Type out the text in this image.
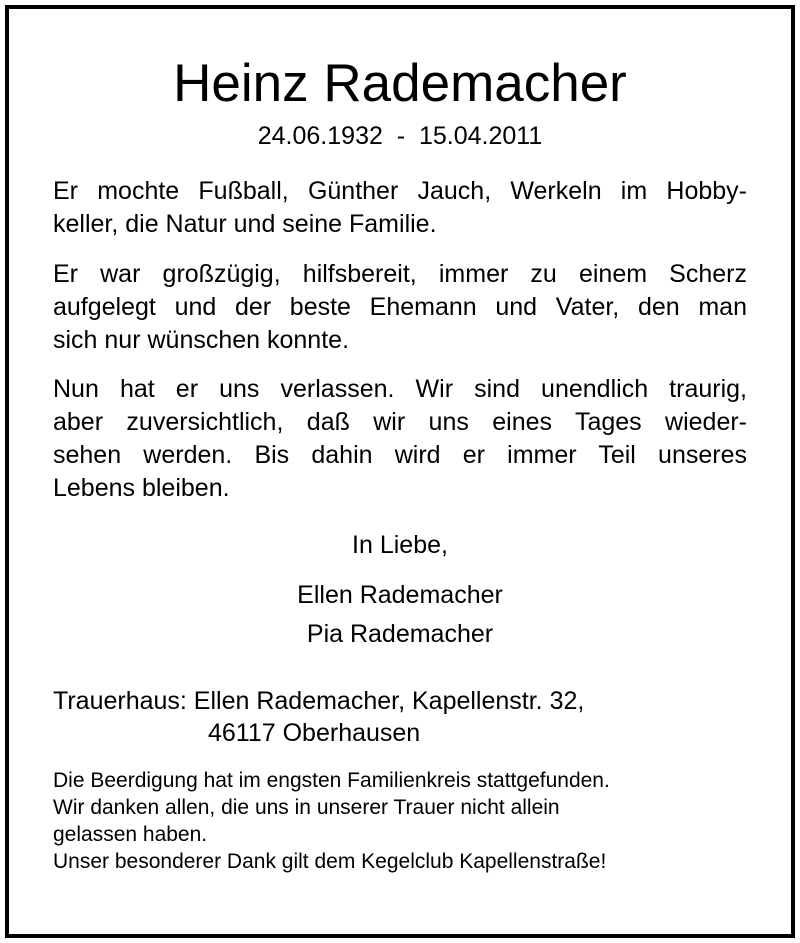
Heinz Rademacher
24.06.1932  -  15.04.2011
Er mochte Fußball, Günther Jauch, Werkeln im Hobby-
keller, die Natur und seine Familie.
Er war großzügig, hilfsbereit, immer zu einem Scherz
aufgelegt und der beste Ehemann und Vater, den man
sich nur wünschen konnte.
Nun hat er uns verlassen. Wir sind unendlich traurig,
aber zuversichtlich, daß wir uns eines Tages wieder-
sehen werden. Bis dahin wird er immer Teil unseres
Lebens bleiben.
In Liebe,
Ellen Rademacher
Pia Rademacher
Trauerhaus: Ellen Rademacher, Kapellenstr. 32,
46117 Oberhausen
Die Beerdigung hat im engsten Familienkreis stattgefunden.
Wir danken allen, die uns in unserer Trauer nicht allein
gelassen haben.
Unser besonderer Dank gilt dem Kegelclub Kapellenstraße!
